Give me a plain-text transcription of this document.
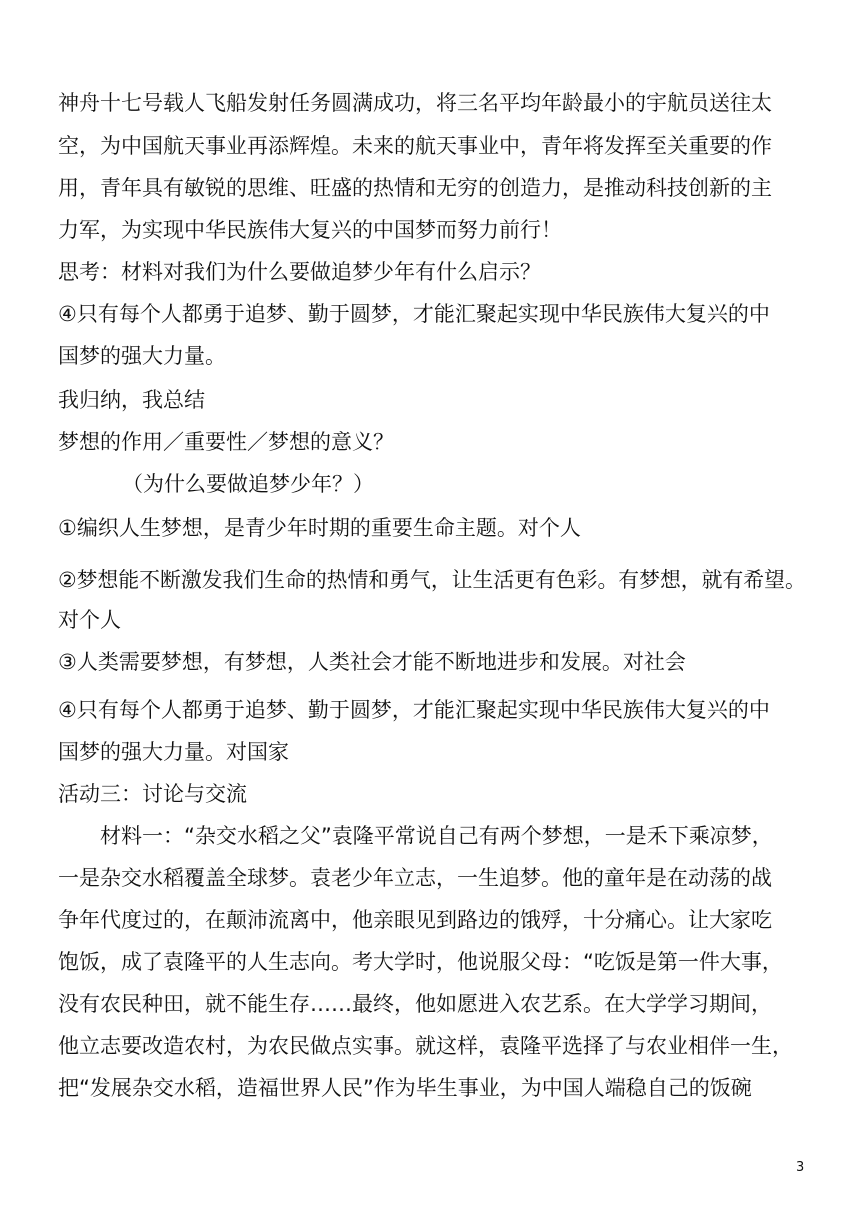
神舟十七号载人飞船发射任务圆满成功，将三名平均年龄最小的宇航员送往太
空，为中国航天事业再添辉煌。未来的航天事业中，青年将发挥至关重要的作
用，青年具有敏锐的思维、旺盛的热情和无穷的创造力，是推动科技创新的主
力军，为实现中华民族伟大复兴的中国梦而努力前行！
思考：材料对我们为什么要做追梦少年有什么启示？
④只有每个人都勇于追梦、勤于圆梦，才能汇聚起实现中华民族伟大复兴的中
国梦的强大力量。
我归纳，我总结
梦想的作用／重要性／梦想的意义？
（为什么要做追梦少年？）
①编织人生梦想，是青少年时期的重要生命主题。对个人
②梦想能不断激发我们生命的热情和勇气，让生活更有色彩。有梦想，就有希望。
对个人
③人类需要梦想，有梦想，人类社会才能不断地进步和发展。对社会
④只有每个人都勇于追梦、勤于圆梦，才能汇聚起实现中华民族伟大复兴的中
国梦的强大力量。对国家
活动三：讨论与交流
材料一：“杂交水稻之父”袁隆平常说自己有两个梦想，一是禾下乘凉梦，
一是杂交水稻覆盖全球梦。袁老少年立志，一生追梦。他的童年是在动荡的战
争年代度过的，在颠沛流离中，他亲眼见到路边的饿殍，十分痛心。让大家吃
饱饭，成了袁隆平的人生志向。考大学时，他说服父母：“吃饭是第一件大事，
没有农民种田，就不能生存……最终，他如愿进入农艺系。在大学学习期间，
他立志要改造农村，为农民做点实事。就这样，袁隆平选择了与农业相伴一生，
把“发展杂交水稻，造福世界人民”作为毕生事业，为中国人端稳自己的饭碗
3
